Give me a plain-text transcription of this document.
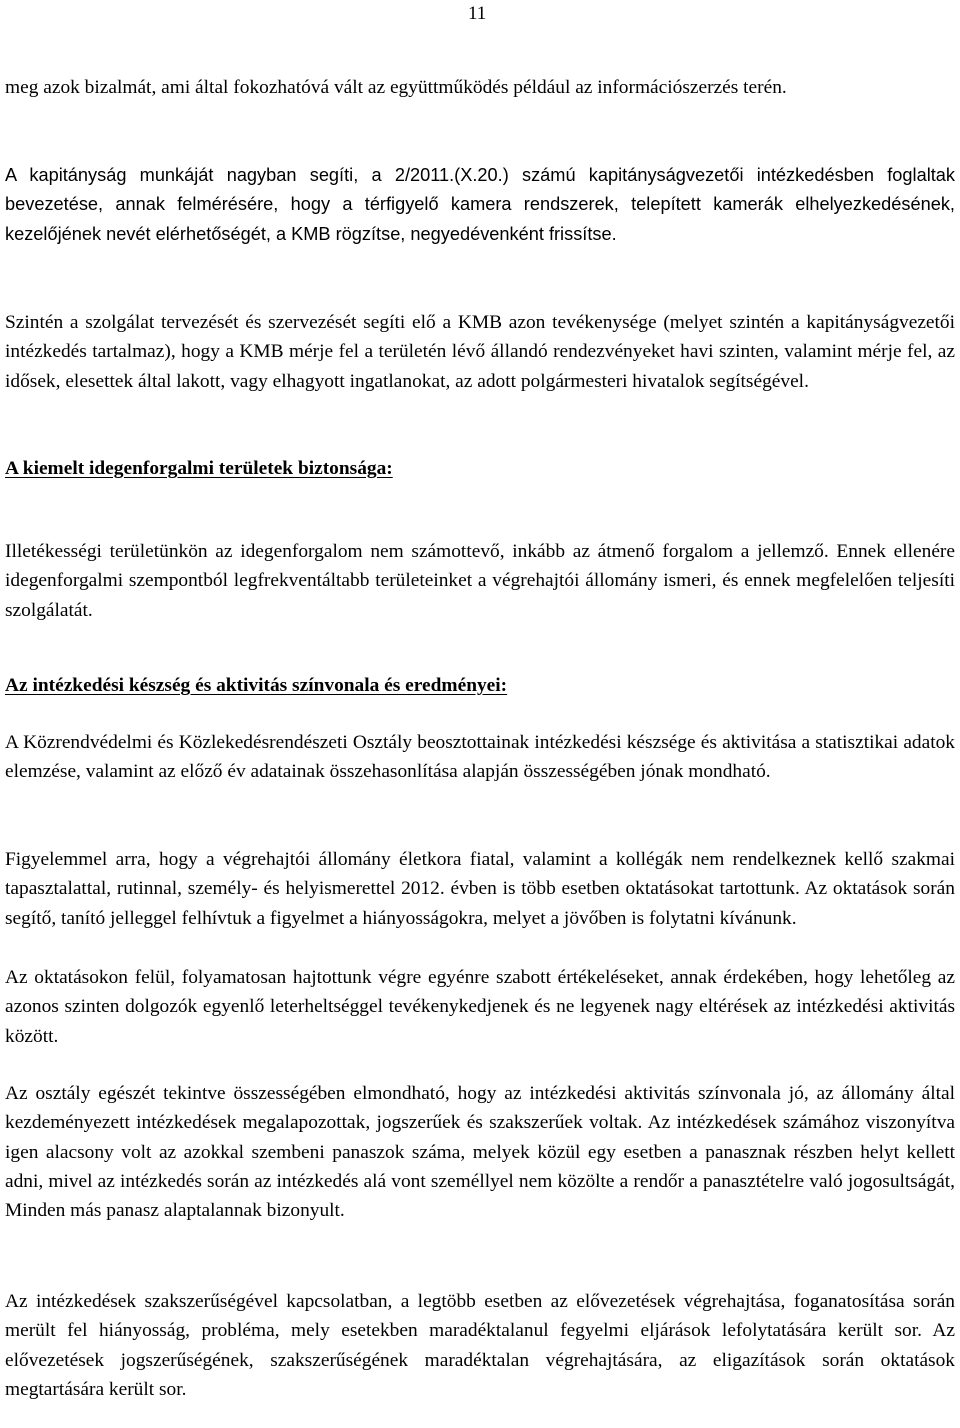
11

meg azok bizalmát, ami által fokozhatóvá vált az együttműködés például az információszerzés terén.

A kapitányság munkáját nagyban segíti, a 2/2011.(X.20.) számú kapitányságvezetői intézkedésben foglaltak bevezetése, annak felmérésére, hogy a térfigyelő kamera rendszerek, telepített kamerák elhelyezkedésének, kezelőjének nevét elérhetőségét, a KMB rögzítse, negyedévenként frissítse.

Szintén a szolgálat tervezését és szervezését segíti elő a KMB azon tevékenysége (melyet szintén a kapitányságvezetői intézkedés tartalmaz), hogy a KMB mérje fel a területén lévő állandó rendezvényeket havi szinten, valamint mérje fel, az idősek, elesettek által lakott, vagy elhagyott ingatlanokat, az adott polgármesteri hivatalok segítségével.

A kiemelt idegenforgalmi területek biztonsága:

Illetékességi területünkön az idegenforgalom nem számottevő, inkább az átmenő forgalom a jellemző. Ennek ellenére idegenforgalmi szempontból legfrekventáltabb területeinket a végrehajtói állomány ismeri, és ennek megfelelően teljesíti szolgálatát.

Az intézkedési készség és aktivitás színvonala és eredményei:

A Közrendvédelmi és Közlekedésrendészeti Osztály beosztottainak intézkedési készsége és aktivitása a statisztikai adatok elemzése, valamint az előző év adatainak összehasonlítása alapján összességében jónak mondható.

Figyelemmel arra, hogy a végrehajtói állomány életkora fiatal, valamint a kollégák nem rendelkeznek kellő szakmai tapasztalattal, rutinnal, személy- és helyismerettel 2012. évben is több esetben oktatásokat tartottunk. Az oktatások során segítő, tanító jelleggel felhívtuk a figyelmet a hiányosságokra, melyet a jövőben is folytatni kívánunk.

Az oktatásokon felül, folyamatosan hajtottunk végre egyénre szabott értékeléseket, annak érdekében, hogy lehetőleg az azonos szinten dolgozók egyenlő leterheltséggel tevékenykedjenek és ne legyenek nagy eltérések az intézkedési aktivitás között.

Az osztály egészét tekintve összességében elmondható, hogy az intézkedési aktivitás színvonala jó, az állomány által kezdeményezett intézkedések megalapozottak, jogszerűek és szakszerűek voltak. Az intézkedések számához viszonyítva igen alacsony volt az azokkal szembeni panaszok száma, melyek közül egy esetben a panasznak részben helyt kellett adni, mivel az intézkedés során az intézkedés alá vont személlyel nem közölte a rendőr a panasztételre való jogosultságát, Minden más panasz alaptalannak bizonyult.

Az intézkedések szakszerűségével kapcsolatban, a legtöbb esetben az elővezetések végrehajtása, foganatosítása során merült fel hiányosság, probléma, mely esetekben maradéktalanul fegyelmi eljárások lefolytatására került sor. Az elővezetések jogszerűségének, szakszerűségének maradéktalan végrehajtására, az eligazítások során oktatások megtartására került sor.
